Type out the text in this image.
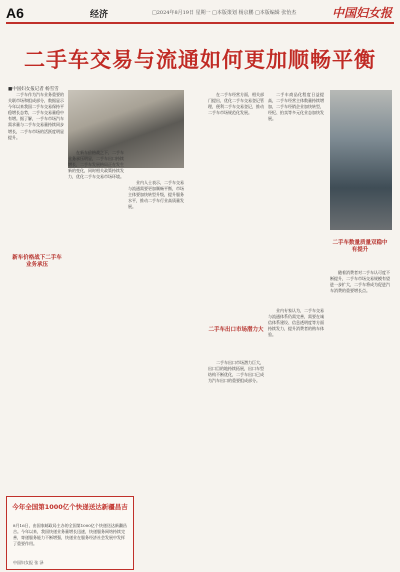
A6	经济	□2024年8月19日 星期一 □本版策划 杨京鹏 □本版编辑 张怡杰	中国妇女报
二手车交易与流通如何更加顺畅平衡
■中国妇女报记者 杨雪雪

二手车作为汽车业务重要的关联市场和组成部分，数据显示今年以来我国二手车交易保持平稳增长态势，二手车交易量稳中有增。据了解，一手车市场汽车需求量与二手车交易量持续同步增长，二手车市场的活跃度明显提升。

在新车价格战之下，二手车业务承压明显，二手车出口持续增长，二手车发展格局正在发生新的变化，同时相关政策持续发力，优化二手车交易市场环境。

业内人士表示，二手车交易与流通需要更加顺畅平衡，市场主体要加快转型升级，提升服务水平，推动二手车行业高质量发展。

在二手车经营方面，相关部门提出，优化二手车交易登记管理，便利二手车交易登记，推动二手车市场规范化发展。

二手车商品化程度日益提高，二手车经营主体数量持续增加，二手车经销企业加快转型，经纪、拍卖等多元化业态加快发展。

随着消费者对二手车认可度不断提升，二手车市场交易规模有望进一步扩大，二手车将成为促进汽车消费的重要增长点。

二手车出口市场潜力巨大，出口目的地持续拓展，出口车型结构不断优化，二手车出口已成为汽车出口的重要组成部分。

业内专家认为，二手车交易与流通体系仍需完善，需要在诚信体系建设、信息透明度等方面持续发力，提升消费者的购车体验。

新车价格战下二手车业务承压
二手车出口市场潜力大
二手车数量质量双稳中有提升
今年全国第1000亿个快递送达新疆昌吉
8月16日，由国家邮政局主办的全国第1000亿个快递送达新疆昌吉。今年以来，我国快递业务量增长迅速，快递服务网络持续完善，寄递服务能力不断增强，快递业在服务经济社会发展中发挥了重要作用。
中国妇女报 张 泽
